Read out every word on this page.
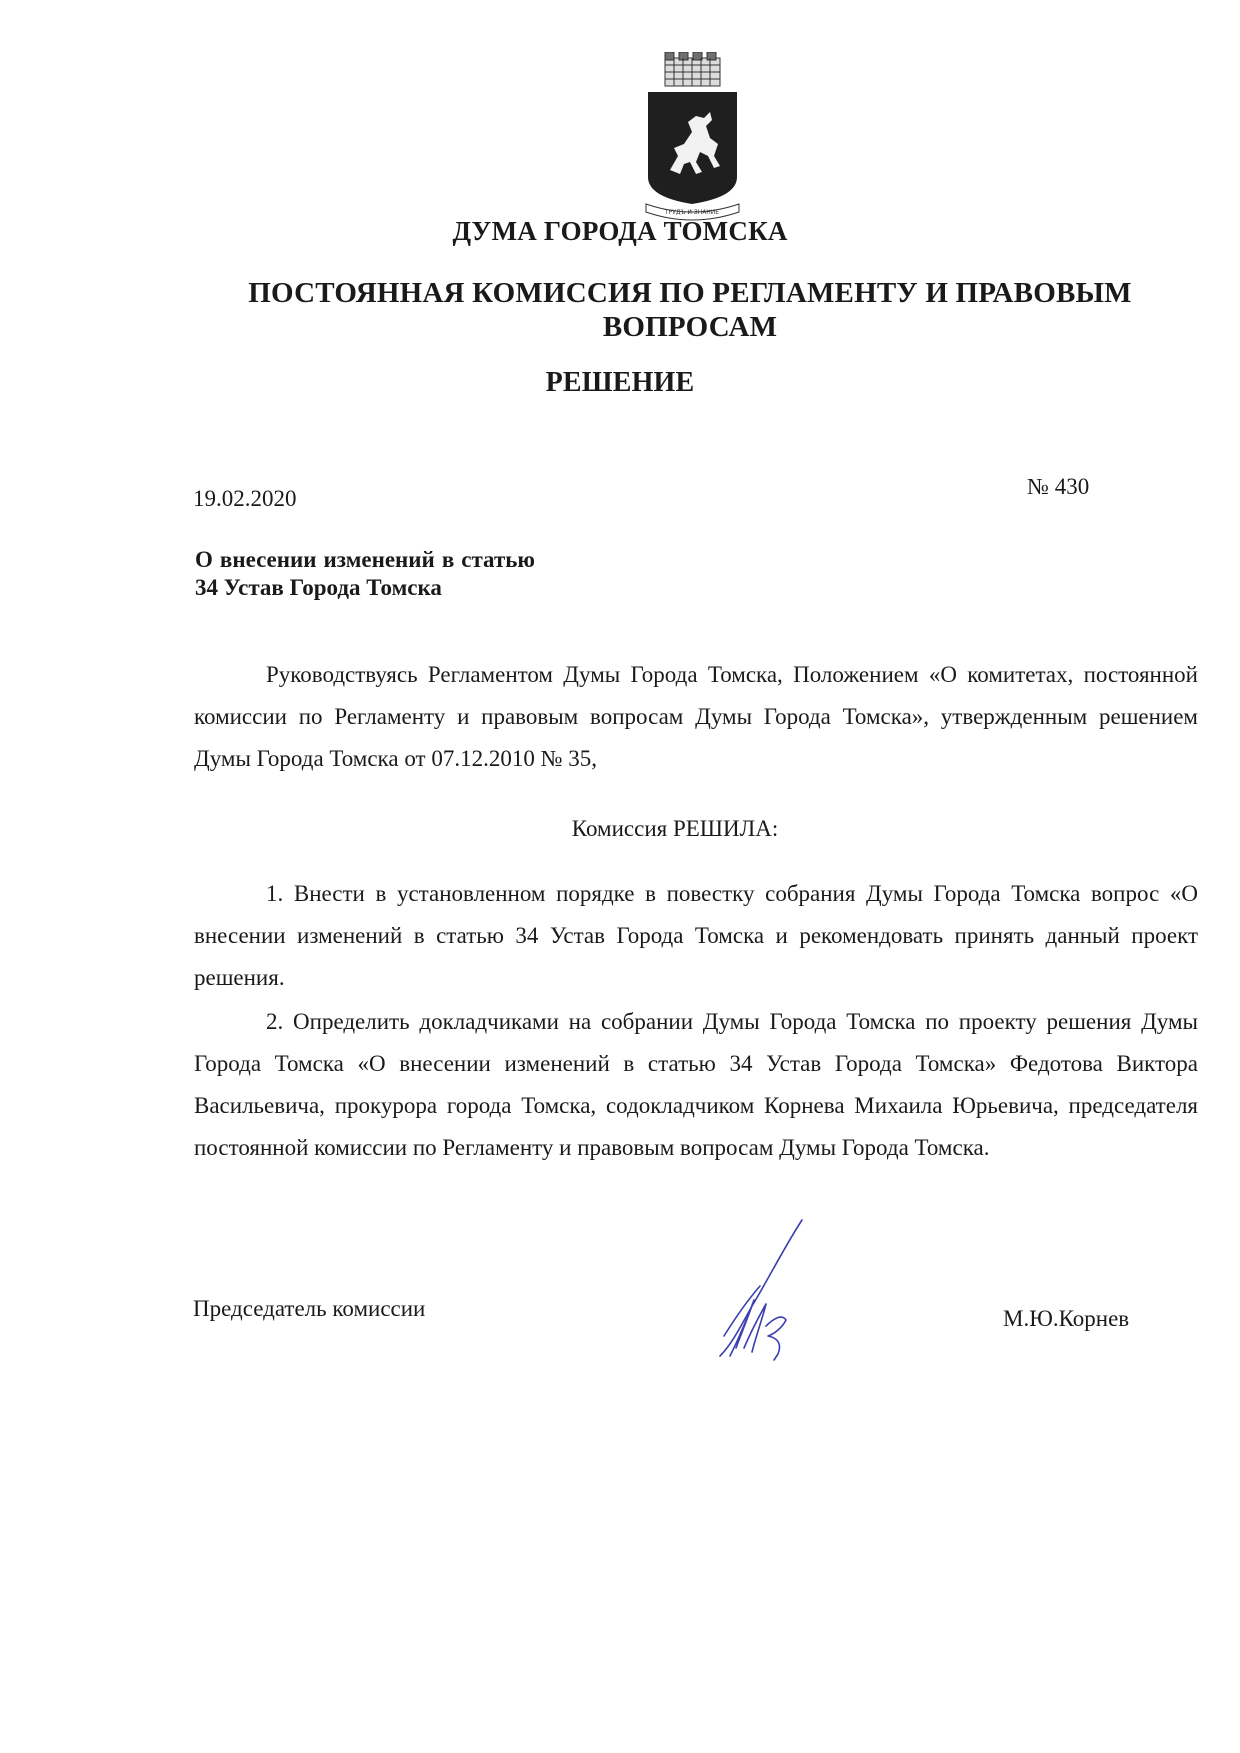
ТРУДЪ И ЗНАНИЕ
ДУМА ГОРОДА ТОМСКА
ПОСТОЯННАЯ КОМИССИЯ ПО РЕГЛАМЕНТУ И ПРАВОВЫМ ВОПРОСАМ
РЕШЕНИЕ
19.02.2020	№ 430
О внесении изменений в статью 34 Устав Города Томска
Руководствуясь Регламентом Думы Города Томска, Положением «О комитетах, постоянной комиссии по Регламенту и правовым вопросам Думы Города Томска», утвержденным решением Думы Города Томска от 07.12.2010 № 35,
Комиссия РЕШИЛА:
1. Внести в установленном порядке в повестку собрания Думы Города Томска вопрос «О внесении изменений в статью 34 Устав Города Томска и рекомендовать принять данный проект решения.
2. Определить докладчиками на собрании Думы Города Томска по проекту решения Думы Города Томска «О внесении изменений в статью 34 Устав Города Томска» Федотова Виктора Васильевича, прокурора города Томска, содокладчиком Корнева Михаила Юрьевича, председателя постоянной комиссии по Регламенту и правовым вопросам Думы Города Томска.
Председатель комиссии	М.Ю.Корнев
